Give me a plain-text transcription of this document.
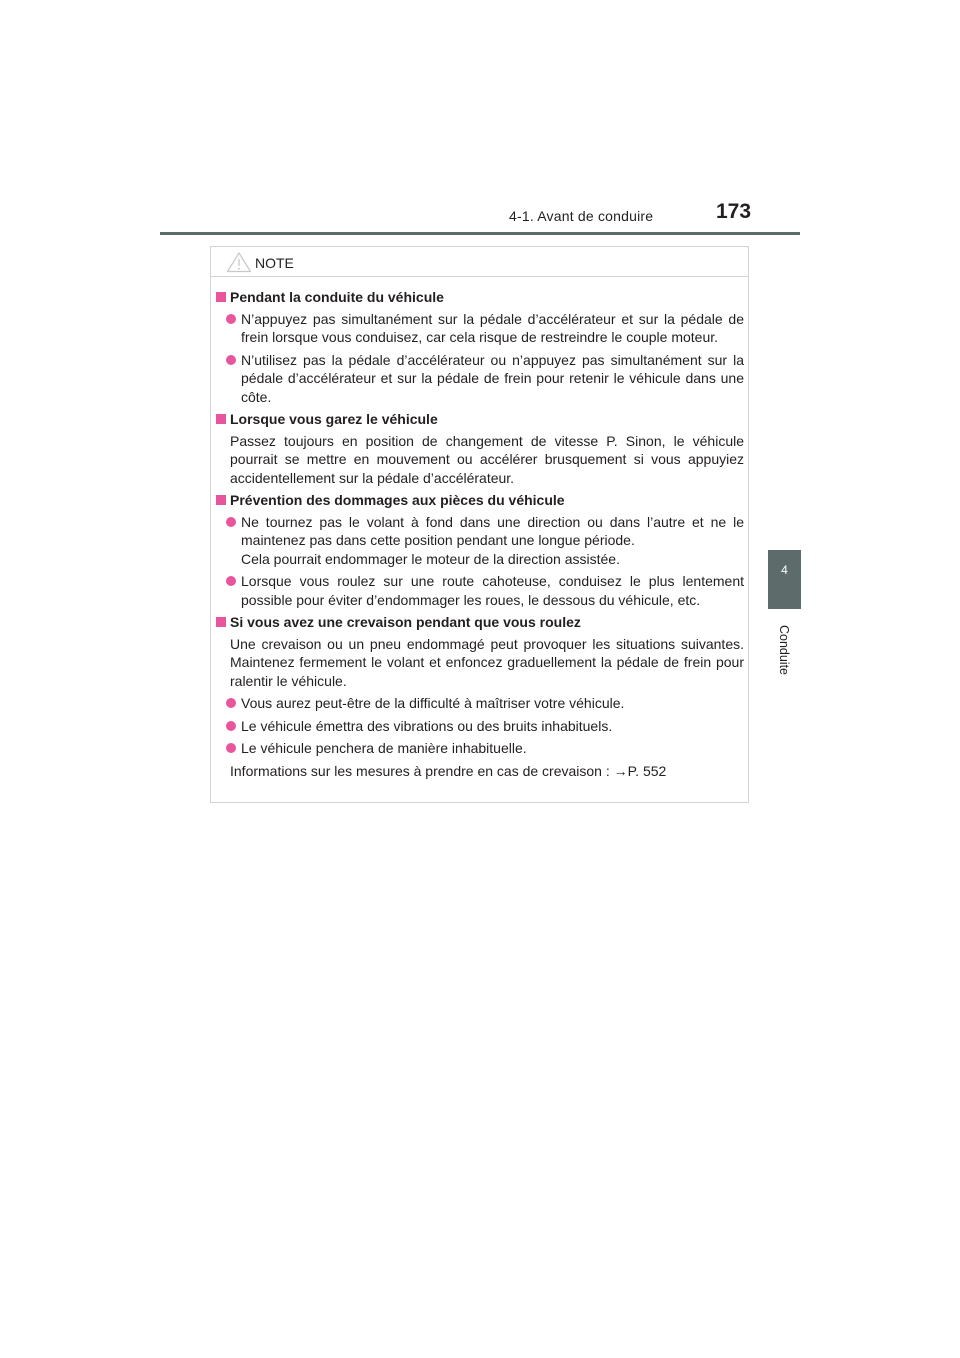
4-1. Avant de conduire	173
4
Conduite
NOTE
Pendant la conduite du véhicule
N’appuyez pas simultanément sur la pédale d’accélérateur et sur la pédale de frein lorsque vous conduisez, car cela risque de restreindre le couple moteur.
N’utilisez pas la pédale d’accélérateur ou n’appuyez pas simultanément sur la pédale d’accélérateur et sur la pédale de frein pour retenir le véhicule dans une côte.
Lorsque vous garez le véhicule
Passez toujours en position de changement de vitesse P. Sinon, le véhicule pourrait se mettre en mouvement ou accélérer brusquement si vous appuyiez accidentellement sur la pédale d’accélérateur.
Prévention des dommages aux pièces du véhicule
Ne tournez pas le volant à fond dans une direction ou dans l’autre et ne le maintenez pas dans cette position pendant une longue période.
Cela pourrait endommager le moteur de la direction assistée.
Lorsque vous roulez sur une route cahoteuse, conduisez le plus lentement possible pour éviter d’endommager les roues, le dessous du véhicule, etc.
Si vous avez une crevaison pendant que vous roulez
Une crevaison ou un pneu endommagé peut provoquer les situations suivantes. Maintenez fermement le volant et enfoncez graduellement la pédale de frein pour ralentir le véhicule.
Vous aurez peut-être de la difficulté à maîtriser votre véhicule.
Le véhicule émettra des vibrations ou des bruits inhabituels.
Le véhicule penchera de manière inhabituelle.
Informations sur les mesures à prendre en cas de crevaison : →P. 552
